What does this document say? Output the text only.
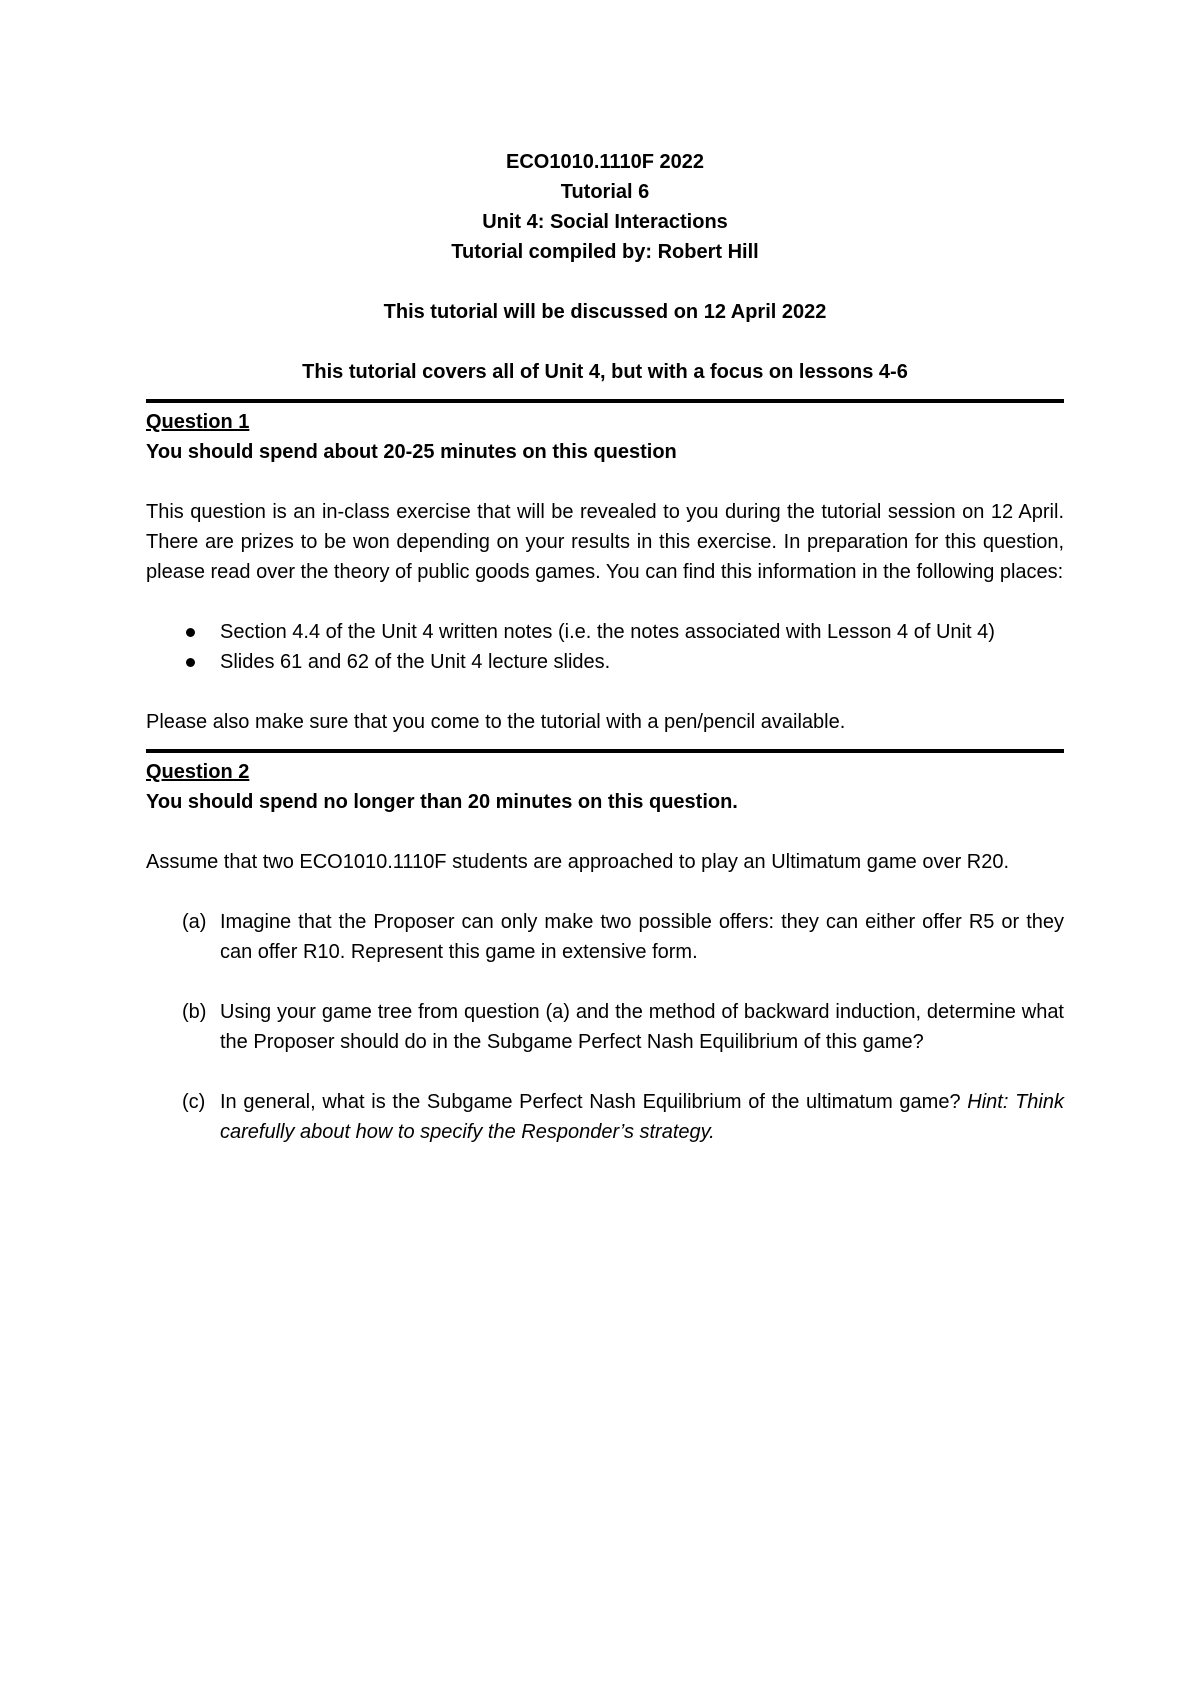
ECO1010.1110F 2022
Tutorial 6
Unit 4: Social Interactions
Tutorial compiled by: Robert Hill
This tutorial will be discussed on 12 April 2022
This tutorial covers all of Unit 4, but with a focus on lessons 4-6
Question 1
You should spend about 20-25 minutes on this question

This question is an in-class exercise that will be revealed to you during the tutorial session on 12 April. There are prizes to be won depending on your results in this exercise. In preparation for this question, please read over the theory of public goods games. You can find this information in the following places:

Section 4.4 of the Unit 4 written notes (i.e. the notes associated with Lesson 4 of Unit 4)
Slides 61 and 62 of the Unit 4 lecture slides.

Please also make sure that you come to the tutorial with a pen/pencil available.

Question 2
You should spend no longer than 20 minutes on this question.

Assume that two ECO1010.1110F students are approached to play an Ultimatum game over R20.

(a) Imagine that the Proposer can only make two possible offers: they can either offer R5 or they can offer R10. Represent this game in extensive form.

(b) Using your game tree from question (a) and the method of backward induction, determine what the Proposer should do in the Subgame Perfect Nash Equilibrium of this game?

(c) In general, what is the Subgame Perfect Nash Equilibrium of the ultimatum game? Hint: Think carefully about how to specify the Responder’s strategy.
